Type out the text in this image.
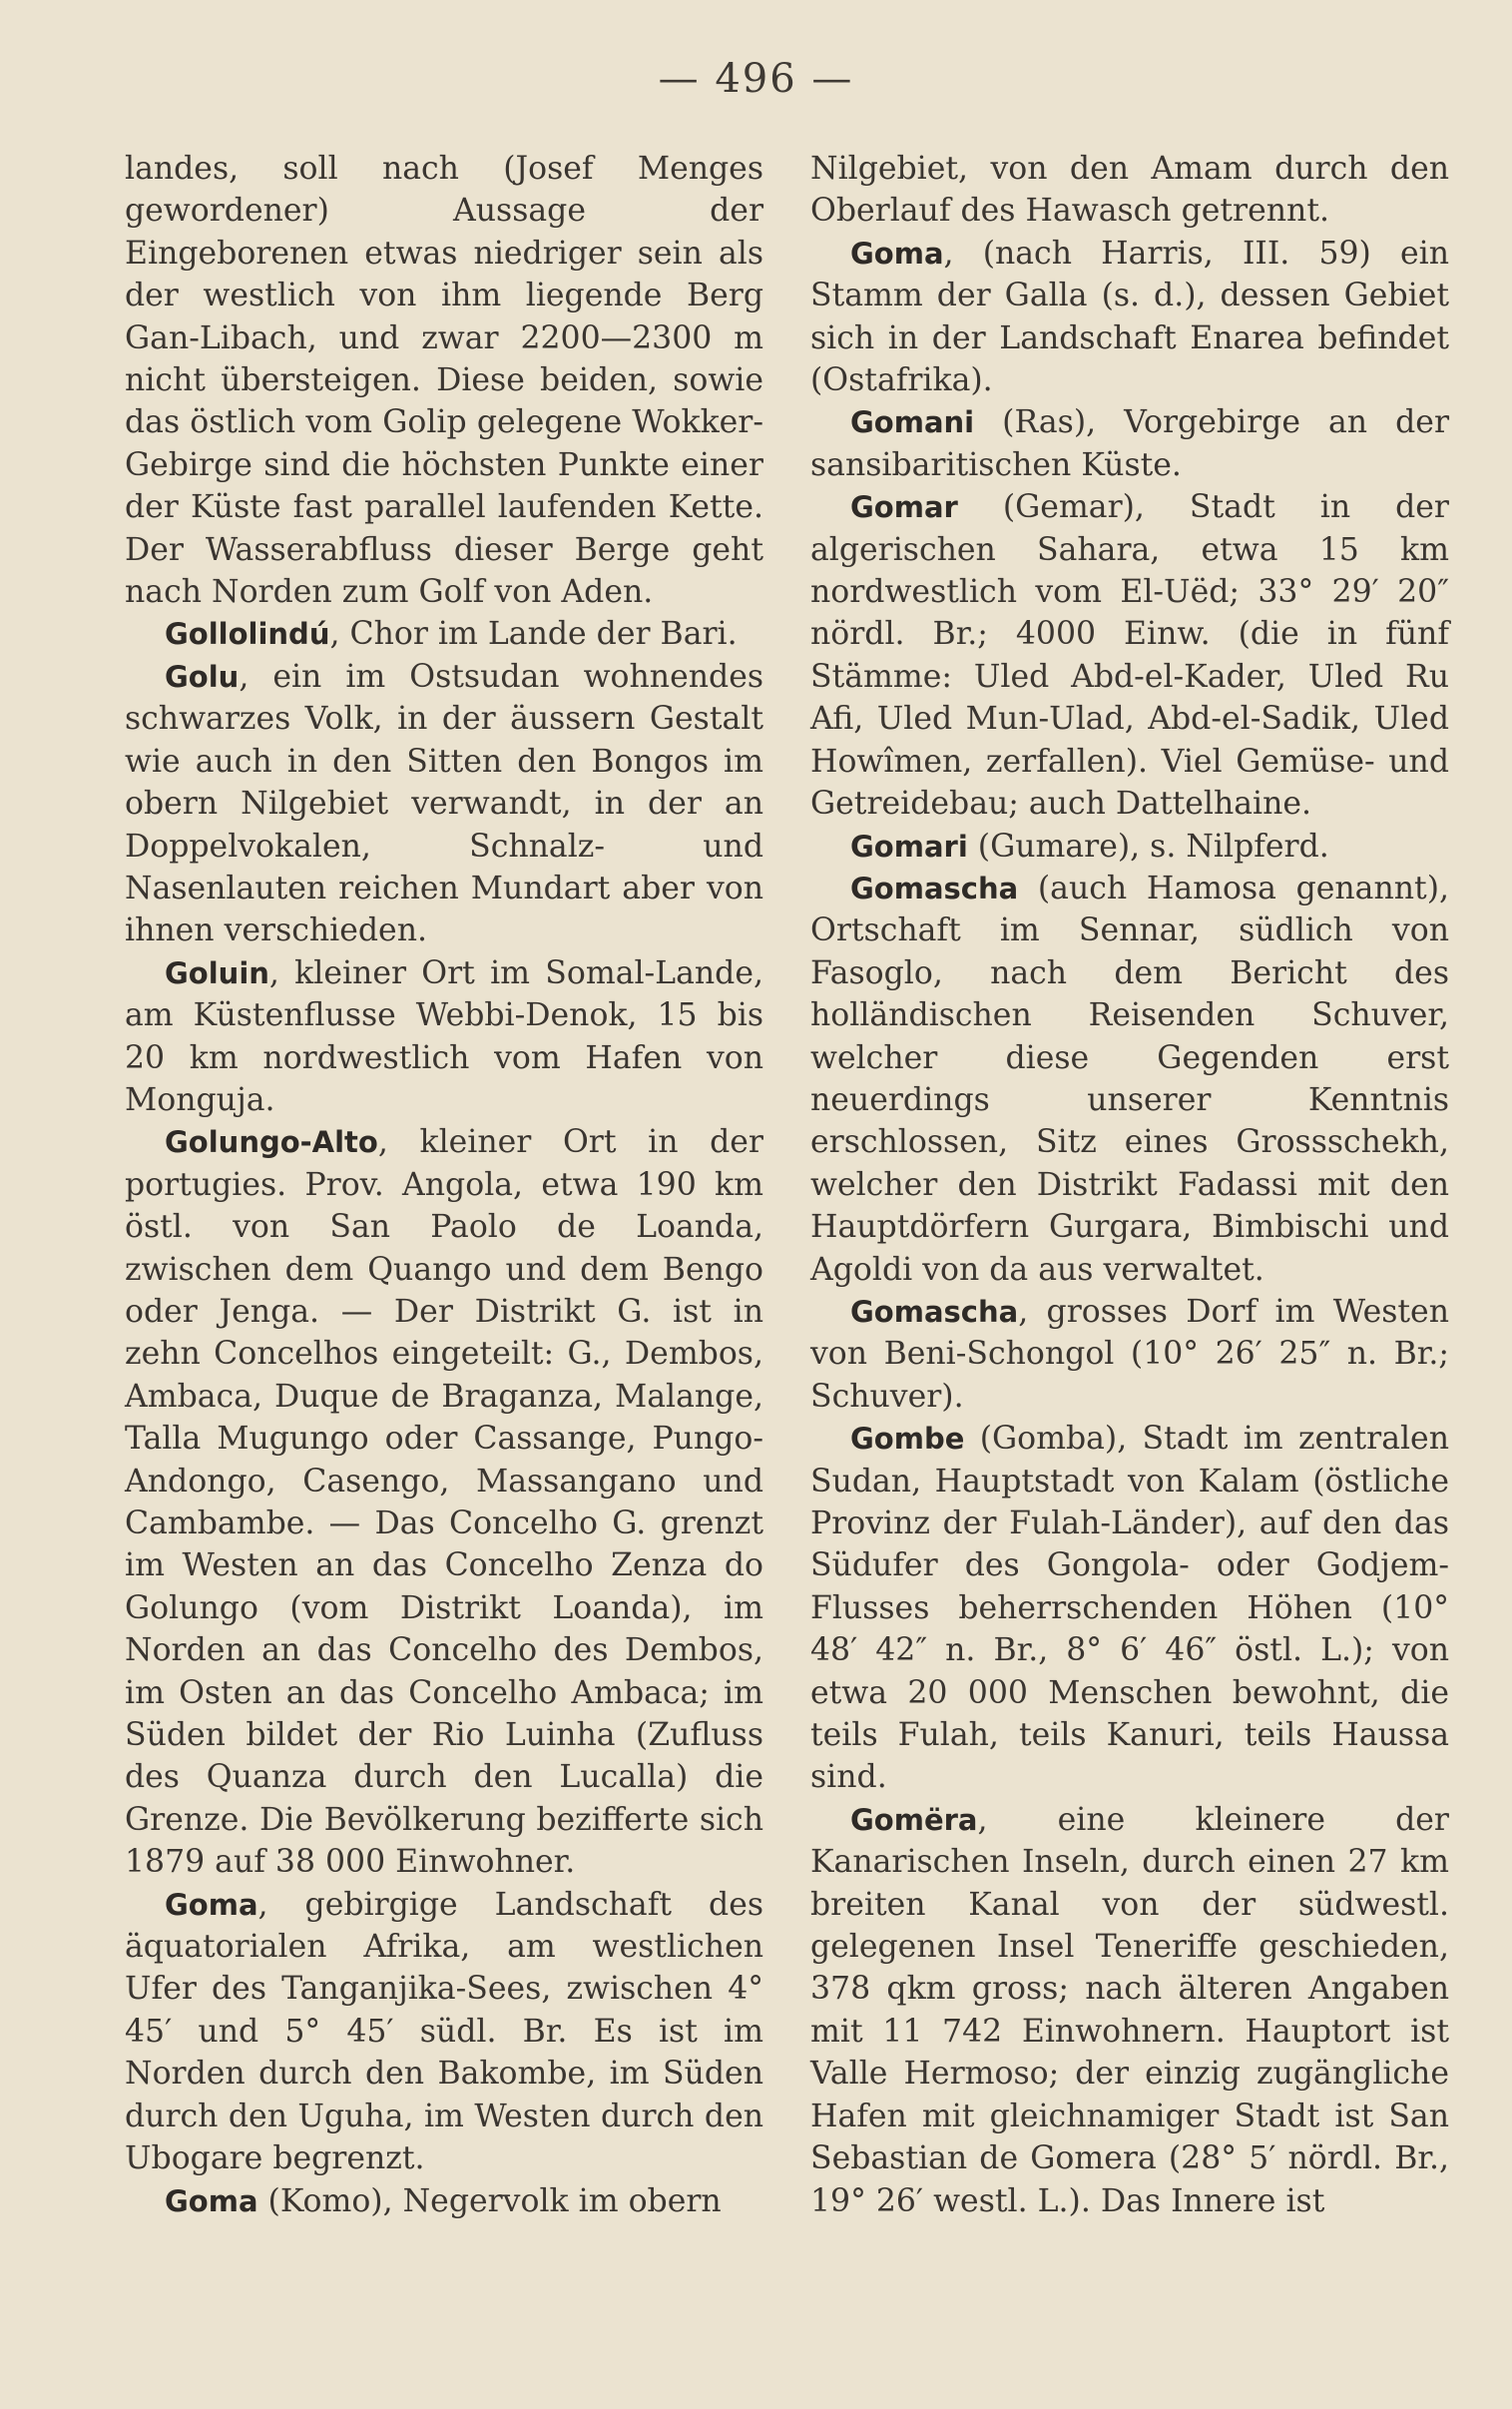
— 496 —

landes, soll nach (Josef Menges gewordener) Aussage der Eingeborenen etwas niedriger sein als der westlich von ihm liegende Berg Gan-Libach, und zwar 2200—2300 m nicht übersteigen. Diese beiden, sowie das östlich vom Golip gelegene Wokker-Gebirge sind die höchsten Punkte einer der Küste fast parallel laufenden Kette. Der Wasserabfluss dieser Berge geht nach Norden zum Golf von Aden.

Gollolindú, Chor im Lande der Bari.

Golu, ein im Ostsudan wohnendes schwarzes Volk, in der äussern Gestalt wie auch in den Sitten den Bongos im obern Nilgebiet verwandt, in der an Doppelvokalen, Schnalz- und Nasenlauten reichen Mundart aber von ihnen verschieden.

Goluin, kleiner Ort im Somal-Lande, am Küstenflusse Webbi-Denok, 15 bis 20 km nordwestlich vom Hafen von Monguja.

Golungo-Alto, kleiner Ort in der portugies. Prov. Angola, etwa 190 km östl. von San Paolo de Loanda, zwischen dem Quango und dem Bengo oder Jenga. — Der Distrikt G. ist in zehn Concelhos eingeteilt: G., Dembos, Ambaca, Duque de Braganza, Malange, Talla Mugungo oder Cassange, Pungo-Andongo, Casengo, Massangano und Cambambe. — Das Concelho G. grenzt im Westen an das Concelho Zenza do Golungo (vom Distrikt Loanda), im Norden an das Concelho des Dembos, im Osten an das Concelho Ambaca; im Süden bildet der Rio Luinha (Zufluss des Quanza durch den Lucalla) die Grenze. Die Bevölkerung bezifferte sich 1879 auf 38 000 Einwohner.

Goma, gebirgige Landschaft des äquatorialen Afrika, am westlichen Ufer des Tanganjika-Sees, zwischen 4° 45′ und 5° 45′ südl. Br. Es ist im Norden durch den Bakombe, im Süden durch den Uguha, im Westen durch den Ubogare begrenzt.

Goma (Komo), Negervolk im obern

Nilgebiet, von den Amam durch den Oberlauf des Hawasch getrennt.

Goma, (nach Harris, III. 59) ein Stamm der Galla (s. d.), dessen Gebiet sich in der Landschaft Enarea befindet (Ostafrika).

Gomani (Ras), Vorgebirge an der sansibaritischen Küste.

Gomar (Gemar), Stadt in der algerischen Sahara, etwa 15 km nordwestlich vom El-Uëd; 33° 29′ 20″ nördl. Br.; 4000 Einw. (die in fünf Stämme: Uled Abd-el-Kader, Uled Ru Afi, Uled Mun-Ulad, Abd-el-Sadik, Uled Howîmen, zerfallen). Viel Gemüse- und Getreidebau; auch Dattelhaine.

Gomari (Gumare), s. Nilpferd.

Gomascha (auch Hamosa genannt), Ortschaft im Sennar, südlich von Fasoglo, nach dem Bericht des holländischen Reisenden Schuver, welcher diese Gegenden erst neuerdings unserer Kenntnis erschlossen, Sitz eines Grossschekh, welcher den Distrikt Fadassi mit den Hauptdörfern Gurgara, Bimbischi und Agoldi von da aus verwaltet.

Gomascha, grosses Dorf im Westen von Beni-Schongol (10° 26′ 25″ n. Br.; Schuver).

Gombe (Gomba), Stadt im zentralen Sudan, Hauptstadt von Kalam (östliche Provinz der Fulah-Länder), auf den das Südufer des Gongola- oder Godjem-Flusses beherrschenden Höhen (10° 48′ 42″ n. Br., 8° 6′ 46″ östl. L.); von etwa 20 000 Menschen bewohnt, die teils Fulah, teils Kanuri, teils Haussa sind.

Gomëra, eine kleinere der Kanarischen Inseln, durch einen 27 km breiten Kanal von der südwestl. gelegenen Insel Teneriffe geschieden, 378 qkm gross; nach älteren Angaben mit 11 742 Einwohnern. Hauptort ist Valle Hermoso; der einzig zugängliche Hafen mit gleichnamiger Stadt ist San Sebastian de Gomera (28° 5′ nördl. Br., 19° 26′ westl. L.). Das Innere ist
